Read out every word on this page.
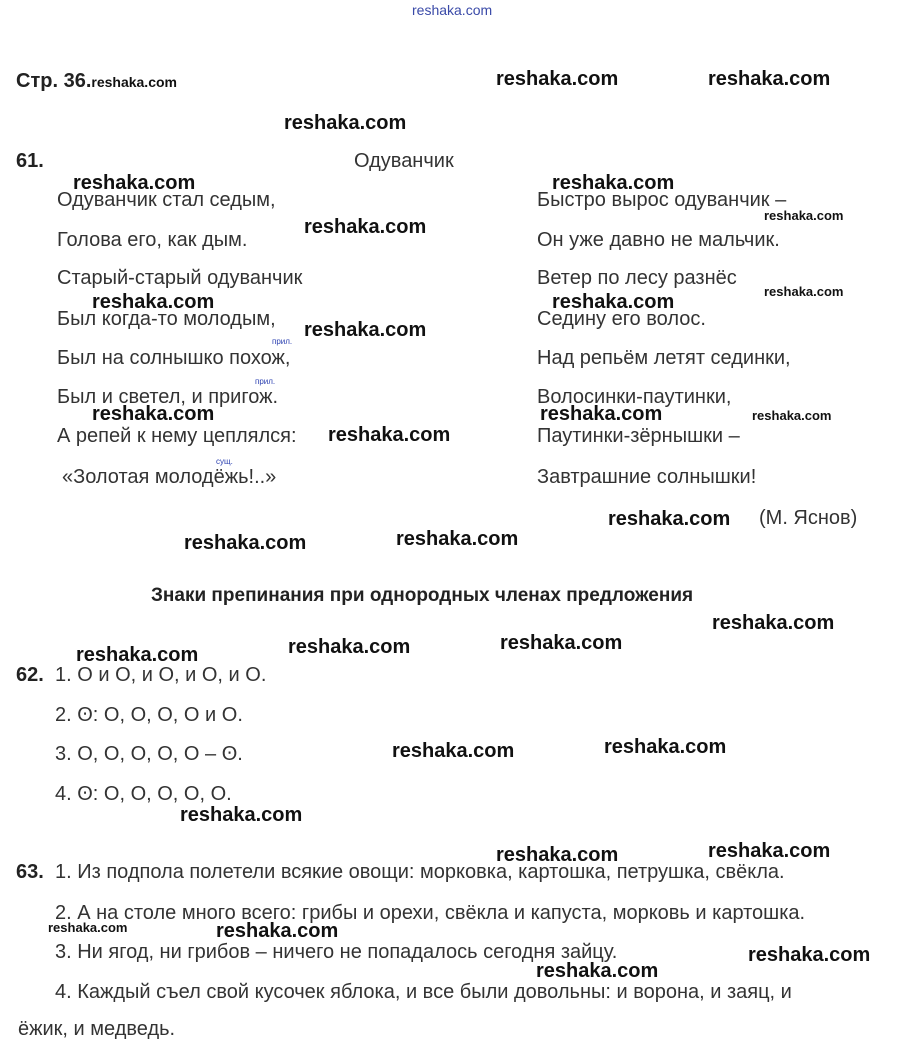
reshaka.com
Стр. 36.reshaka.com	reshaka.com	reshaka.com
reshaka.com
reshaka.com	reshaka.com
reshaka.com
reshaka.com	reshaka.com
reshaka.com
reshaka.com	reshaka.com
reshaka.com
reshaka.com
reshaka.com
reshaka.com
reshaka.com
reshaka.com
reshaka.com
reshaka.com
reshaka.com
reshaka.com
reshaka.com
reshaka.com
reshaka.com
reshaka.com
reshaka.com
reshaka.com
reshaka.com
reshaka.com
reshaka.com
reshaka.com
61.	Одуванчик
Одуванчик стал седым,
Голова его, как дым.
Старый-старый одуванчик
Был когда-то молодым,
Был на солнышко похож,
Был и светел, и пригож.
А репей к нему цеплялся:
«Золотая молодёжь!..»
Быстро вырос одуванчик –
Он уже давно не мальчик.
Ветер по лесу разнёс
Седину его волос.
Над репьём летят сединки,
Волосинки-паутинки,
Паутинки-зёрнышки –
Завтрашние солнышки!
прил.
прил.
сущ.
(М. Яснов)
Знаки препинания при однородных членах предложения
62. 1. О и О, и О, и О, и О.
2. ʘ: О, О, О, О и О.
3. О, О, О, О, О – ʘ.
4. ʘ: О, О, О, О, О.
63. 1. Из подпола полетели всякие овощи: морковка, картошка, петрушка, свёкла.
2. А на столе много всего: грибы и орехи, свёкла и капуста, морковь и картошка.
3. Ни ягод, ни грибов – ничего не попадалось сегодня зайцу.
4. Каждый съел свой кусочек яблока, и все были довольны: и ворона, и заяц, и
ёжик, и медведь.
